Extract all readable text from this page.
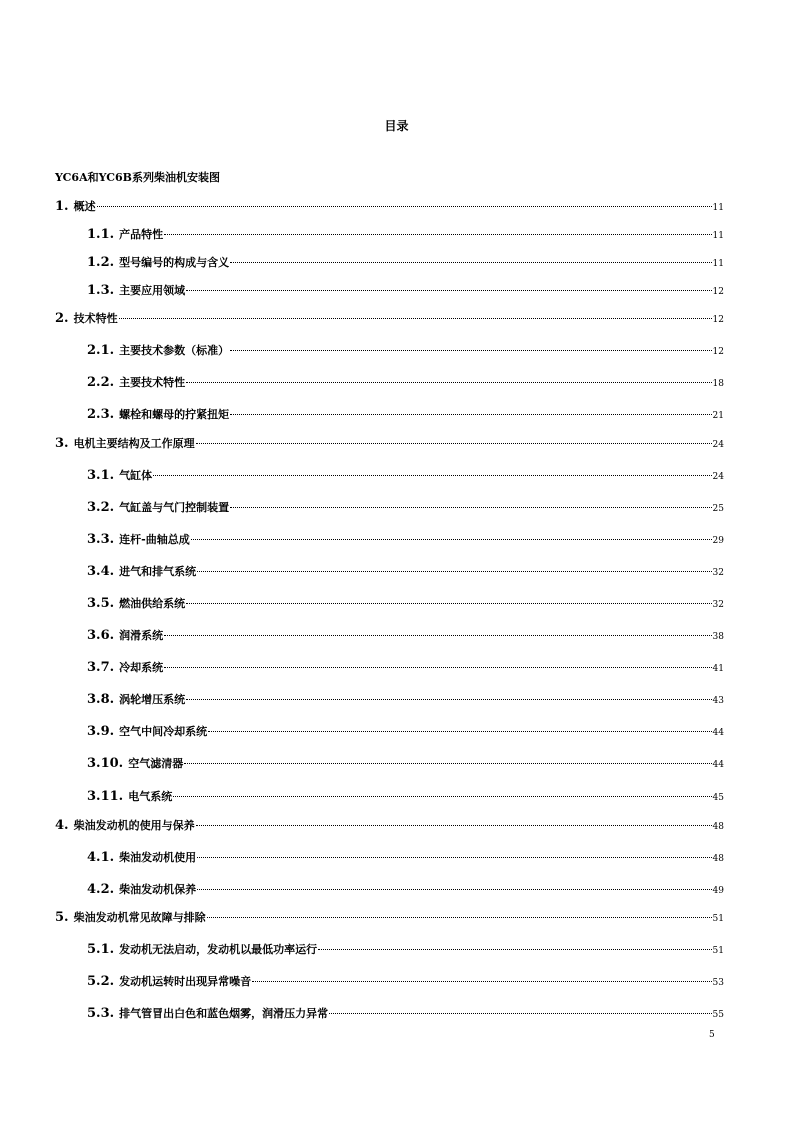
目录
YC6A和YC6B系列柴油机安装图
1. 概述	11
1.1. 产品特性	11
1.2. 型号编号的构成与含义	11
1.3. 主要应用领域	12
2. 技术特性	12
2.1. 主要技术参数（标准）	12
2.2. 主要技术特性	18
2.3. 螺栓和螺母的拧紧扭矩	21
3. 电机主要结构及工作原理	24
3.1. 气缸体	24
3.2. 气缸盖与气门控制装置	25
3.3. 连杆-曲轴总成	29
3.4. 进气和排气系统	32
3.5. 燃油供给系统	32
3.6. 润滑系统	38
3.7. 冷却系统	41
3.8. 涡轮增压系统	43
3.9. 空气中间冷却系统	44
3.10. 空气滤清器	44
3.11. 电气系统	45
4. 柴油发动机的使用与保养	48
4.1. 柴油发动机使用	48
4.2. 柴油发动机保养	49
5. 柴油发动机常见故障与排除	51
5.1. 发动机无法启动，发动机以最低功率运行	51
5.2. 发动机运转时出现异常噪音	53
5.3. 排气管冒出白色和蓝色烟雾，润滑压力异常	55
5
